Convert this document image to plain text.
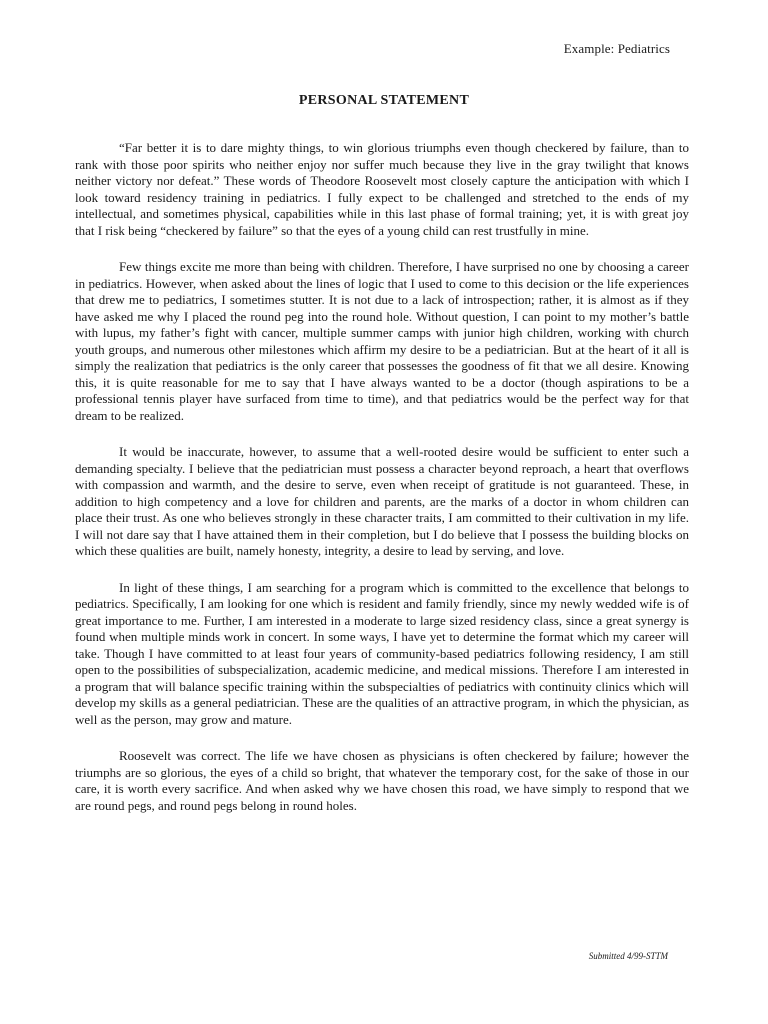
Example: Pediatrics
PERSONAL STATEMENT

“Far better it is to dare mighty things, to win glorious triumphs even though checkered by failure, than to rank with those poor spirits who neither enjoy nor suffer much because they live in the gray twilight that knows neither victory nor defeat.” These words of Theodore Roosevelt most closely capture the anticipation with which I look toward residency training in pediatrics. I fully expect to be challenged and stretched to the ends of my intellectual, and sometimes physical, capabilities while in this last phase of formal training; yet, it is with great joy that I risk being “checkered by failure” so that the eyes of a young child can rest trustfully in mine.

Few things excite me more than being with children. Therefore, I have surprised no one by choosing a career in pediatrics. However, when asked about the lines of logic that I used to come to this decision or the life experiences that drew me to pediatrics, I sometimes stutter. It is not due to a lack of introspection; rather, it is almost as if they have asked me why I placed the round peg into the round hole. Without question, I can point to my mother’s battle with lupus, my father’s fight with cancer, multiple summer camps with junior high children, working with church youth groups, and numerous other milestones which affirm my desire to be a pediatrician. But at the heart of it all is simply the realization that pediatrics is the only career that possesses the goodness of fit that we all desire. Knowing this, it is quite reasonable for me to say that I have always wanted to be a doctor (though aspirations to be a professional tennis player have surfaced from time to time), and that pediatrics would be the perfect way for that dream to be realized.

It would be inaccurate, however, to assume that a well-rooted desire would be sufficient to enter such a demanding specialty. I believe that the pediatrician must possess a character beyond reproach, a heart that overflows with compassion and warmth, and the desire to serve, even when receipt of gratitude is not guaranteed. These, in addition to high competency and a love for children and parents, are the marks of a doctor in whom children can place their trust. As one who believes strongly in these character traits, I am committed to their cultivation in my life. I will not dare say that I have attained them in their completion, but I do believe that I possess the building blocks on which these qualities are built, namely honesty, integrity, a desire to lead by serving, and love.

In light of these things, I am searching for a program which is committed to the excellence that belongs to pediatrics. Specifically, I am looking for one which is resident and family friendly, since my newly wedded wife is of great importance to me. Further, I am interested in a moderate to large sized residency class, since a great synergy is found when multiple minds work in concert. In some ways, I have yet to determine the format which my career will take. Though I have committed to at least four years of community-based pediatrics following residency, I am still open to the possibilities of subspecialization, academic medicine, and medical missions. Therefore I am interested in a program that will balance specific training within the subspecialties of pediatrics with continuity clinics which will develop my skills as a general pediatrician. These are the qualities of an attractive program, in which the physician, as well as the person, may grow and mature.

Roosevelt was correct. The life we have chosen as physicians is often checkered by failure; however the triumphs are so glorious, the eyes of a child so bright, that whatever the temporary cost, for the sake of those in our care, it is worth every sacrifice. And when asked why we have chosen this road, we have simply to respond that we are round pegs, and round pegs belong in round holes.

Submitted 4/99-STTM
